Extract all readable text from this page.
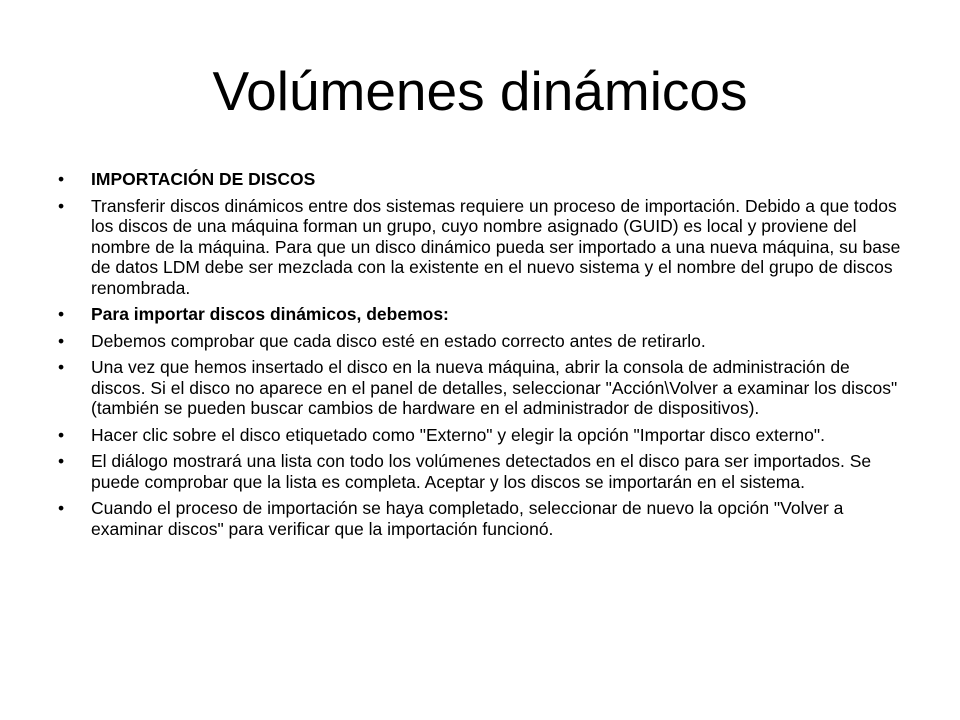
Volúmenes dinámicos
• IMPORTACIÓN DE DISCOS
• Transferir discos dinámicos entre dos sistemas requiere un proceso de importación. Debido a que todos los discos de una máquina forman un grupo, cuyo nombre asignado (GUID) es local y proviene del nombre de la máquina. Para que un disco dinámico pueda ser importado a una nueva máquina, su base de datos LDM debe ser mezclada con la existente en el nuevo sistema y el nombre del grupo de discos renombrada.
• Para importar discos dinámicos, debemos:
• Debemos comprobar que cada disco esté en estado correcto antes de retirarlo.
• Una vez que hemos insertado el disco en la nueva máquina, abrir la consola de administración de discos. Si el disco no aparece en el panel de detalles, seleccionar "Acción\Volver a examinar los discos" (también se pueden buscar cambios de hardware en el administrador de dispositivos).
• Hacer clic sobre el disco etiquetado como "Externo" y elegir la opción "Importar disco externo".
• El diálogo mostrará una lista con todo los volúmenes detectados en el disco para ser importados. Se puede comprobar que la lista es completa. Aceptar y los discos se importarán en el sistema.
• Cuando el proceso de importación se haya completado, seleccionar de nuevo la opción "Volver a examinar discos" para verificar que la importación funcionó.
